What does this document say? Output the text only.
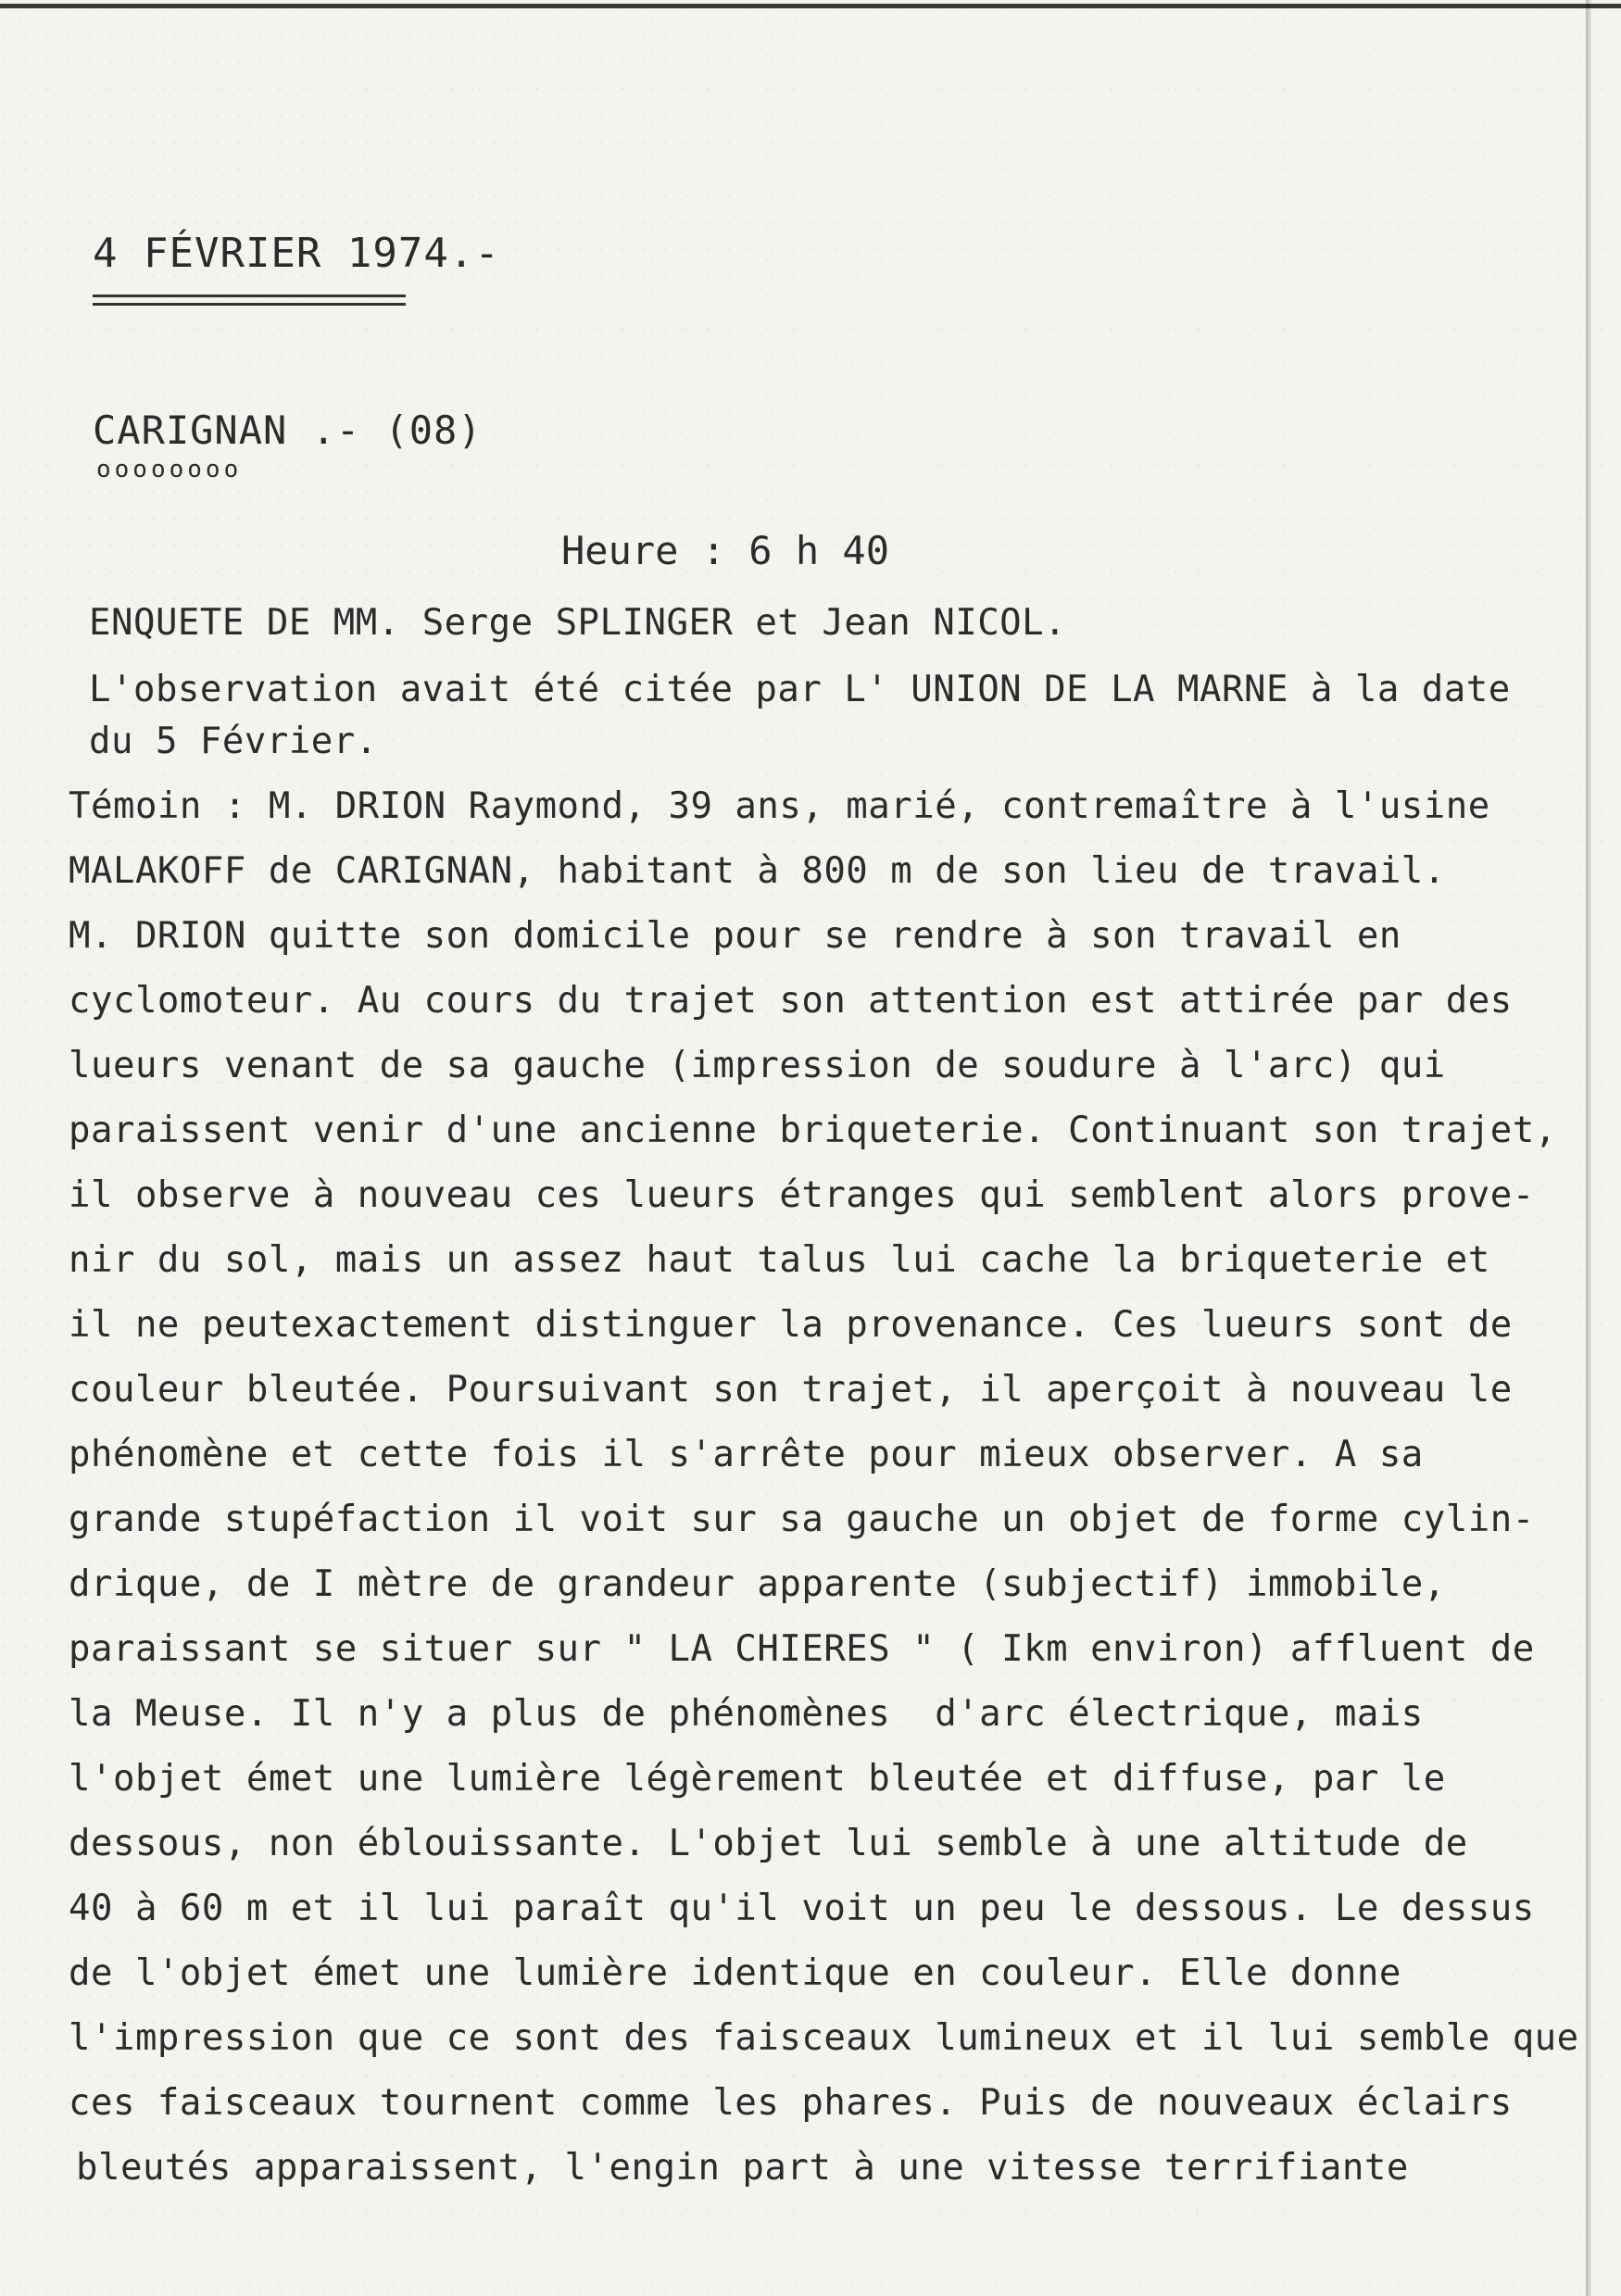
4 FÉVRIER 1974.-
CARIGNAN .- (08)
oooooooo
Heure : 6 h 40
ENQUETE DE MM. Serge SPLINGER et Jean NICOL.
L'observation avait été citée par L' UNION DE LA MARNE à la date
du 5 Février.
Témoin : M. DRION Raymond, 39 ans, marié, contremaître à l'usine
MALAKOFF de CARIGNAN, habitant à 800 m de son lieu de travail.
M. DRION quitte son domicile pour se rendre à son travail en
cyclomoteur. Au cours du trajet son attention est attirée par des
lueurs venant de sa gauche (impression de soudure à l'arc) qui
paraissent venir d'une ancienne briqueterie. Continuant son trajet,
il observe à nouveau ces lueurs étranges qui semblent alors prove-
nir du sol, mais un assez haut talus lui cache la briqueterie et
il ne peutexactement distinguer la provenance. Ces lueurs sont de
couleur bleutée. Poursuivant son trajet, il aperçoit à nouveau le
phénomène et cette fois il s'arrête pour mieux observer. A sa
grande stupéfaction il voit sur sa gauche un objet de forme cylin-
drique, de I mètre de grandeur apparente (subjectif) immobile,
paraissant se situer sur " LA CHIERES " ( Ikm environ) affluent de
la Meuse. Il n'y a plus de phénomènes  d'arc électrique, mais
l'objet émet une lumière légèrement bleutée et diffuse, par le
dessous, non éblouissante. L'objet lui semble à une altitude de
40 à 60 m et il lui paraît qu'il voit un peu le dessous. Le dessus
de l'objet émet une lumière identique en couleur. Elle donne
l'impression que ce sont des faisceaux lumineux et il lui semble que
ces faisceaux tournent comme les phares. Puis de nouveaux éclairs
bleutés apparaissent, l'engin part à une vitesse terrifiante
